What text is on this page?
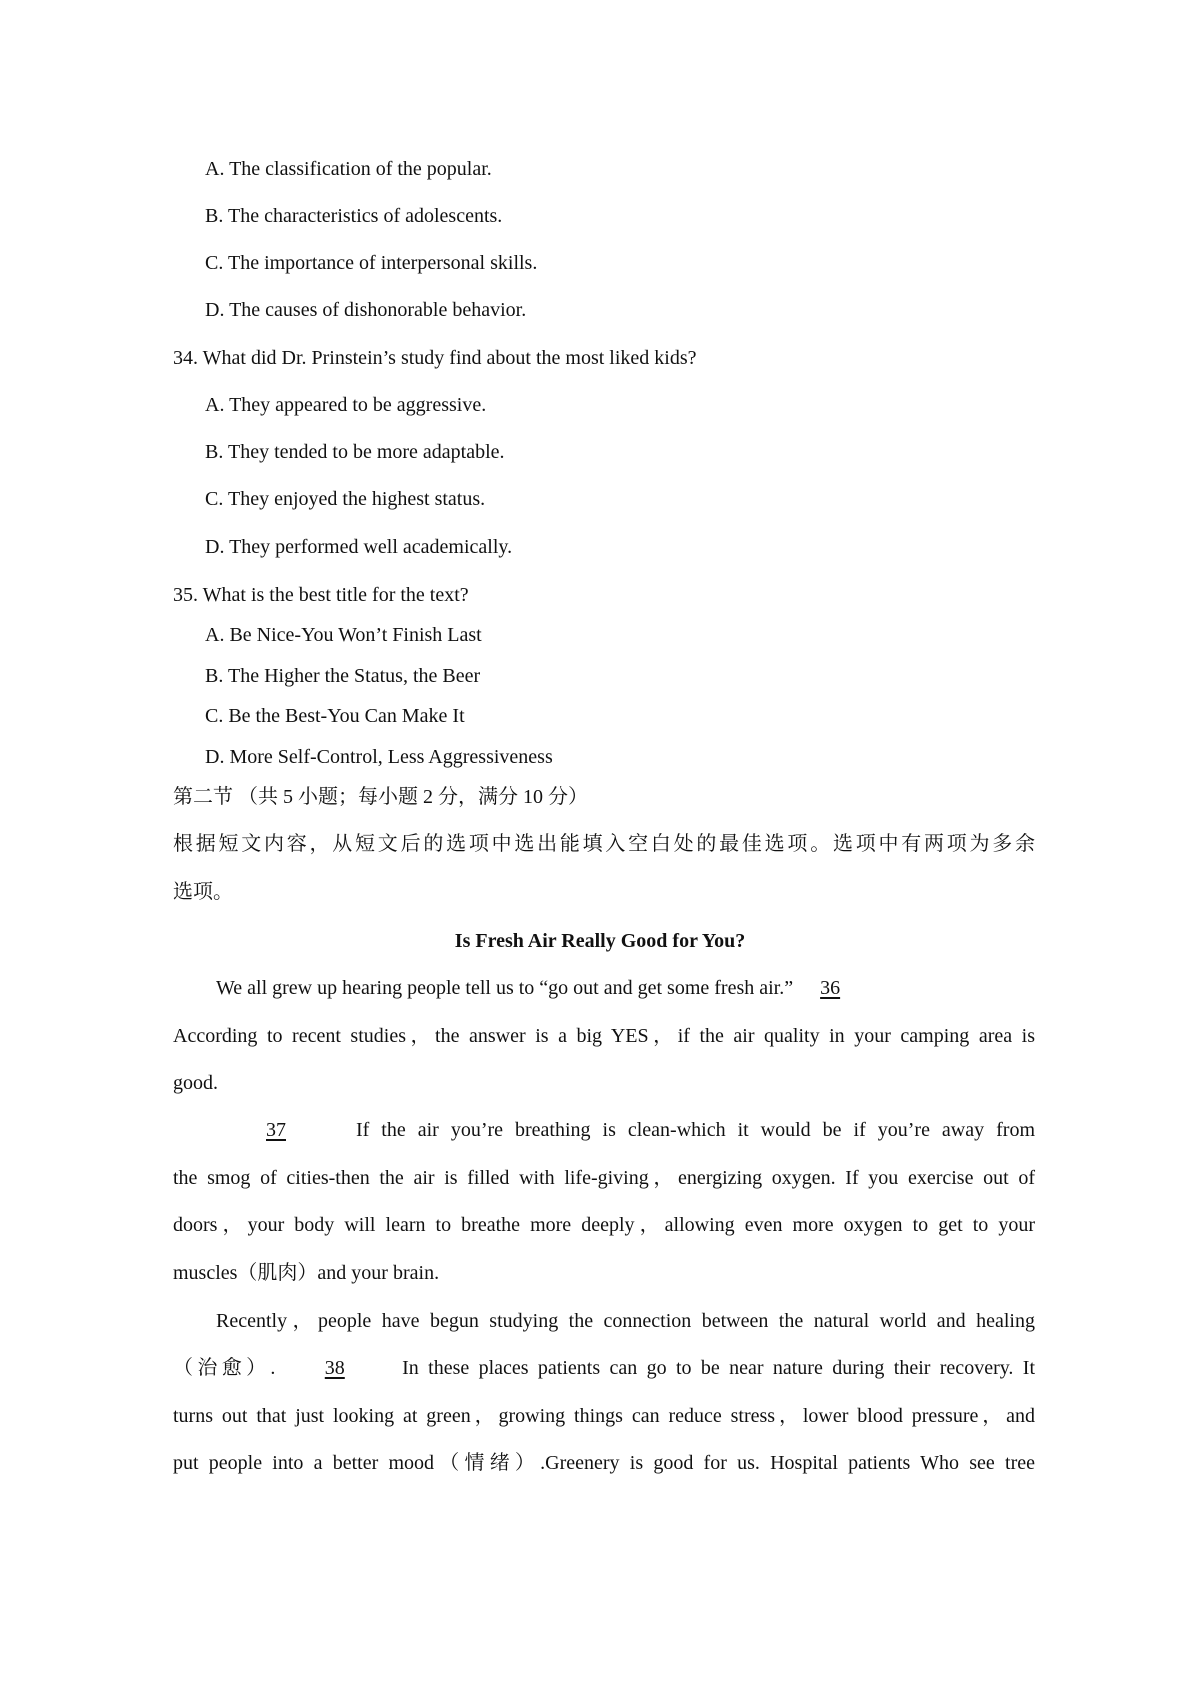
A. The classification of the popular.
B. The characteristics of adolescents.
C. The importance of interpersonal skills.
D. The causes of dishonorable behavior.
34. What did Dr. Prinstein’s study find about the most liked kids?
A. They appeared to be aggressive.
B. They tended to be more adaptable.
C. They enjoyed the highest status.
D. They performed well academically.
35. What is the best title for the text?
A. Be Nice-You Won’t Finish Last
B. The Higher the Status, the Beer
C. Be the Best-You Can Make It
D. More Self-Control, Less Aggressiveness
第二节 （共 5 小题；每小题 2 分，满分 10 分）
根据短文内容，从短文后的选项中选出能填入空白处的最佳选项。选项中有两项为多余
选项。
Is Fresh Air Really Good for You?
We all grew up hearing people tell us to “go out and get some fresh air.” 36
According to recent studies，the answer is a big YES，if the air quality in your camping area is
good.
37	If the air you’re breathing is clean-which it would be if you’re away from
the smog of cities-then the air is filled with life-giving，energizing oxygen. If you exercise out of
doors，your body will learn to breathe more deeply，allowing even more oxygen to get to your
muscles（肌肉）and your brain.
Recently，people have begun studying the connection between the natural world and healing
（治愈）. 38	In these places patients can go to be near nature during their recovery. It
turns out that just looking at green，growing things can reduce stress，lower blood pressure，and
put people into a better mood（情绪）.Greenery is good for us. Hospital patients Who see tree
